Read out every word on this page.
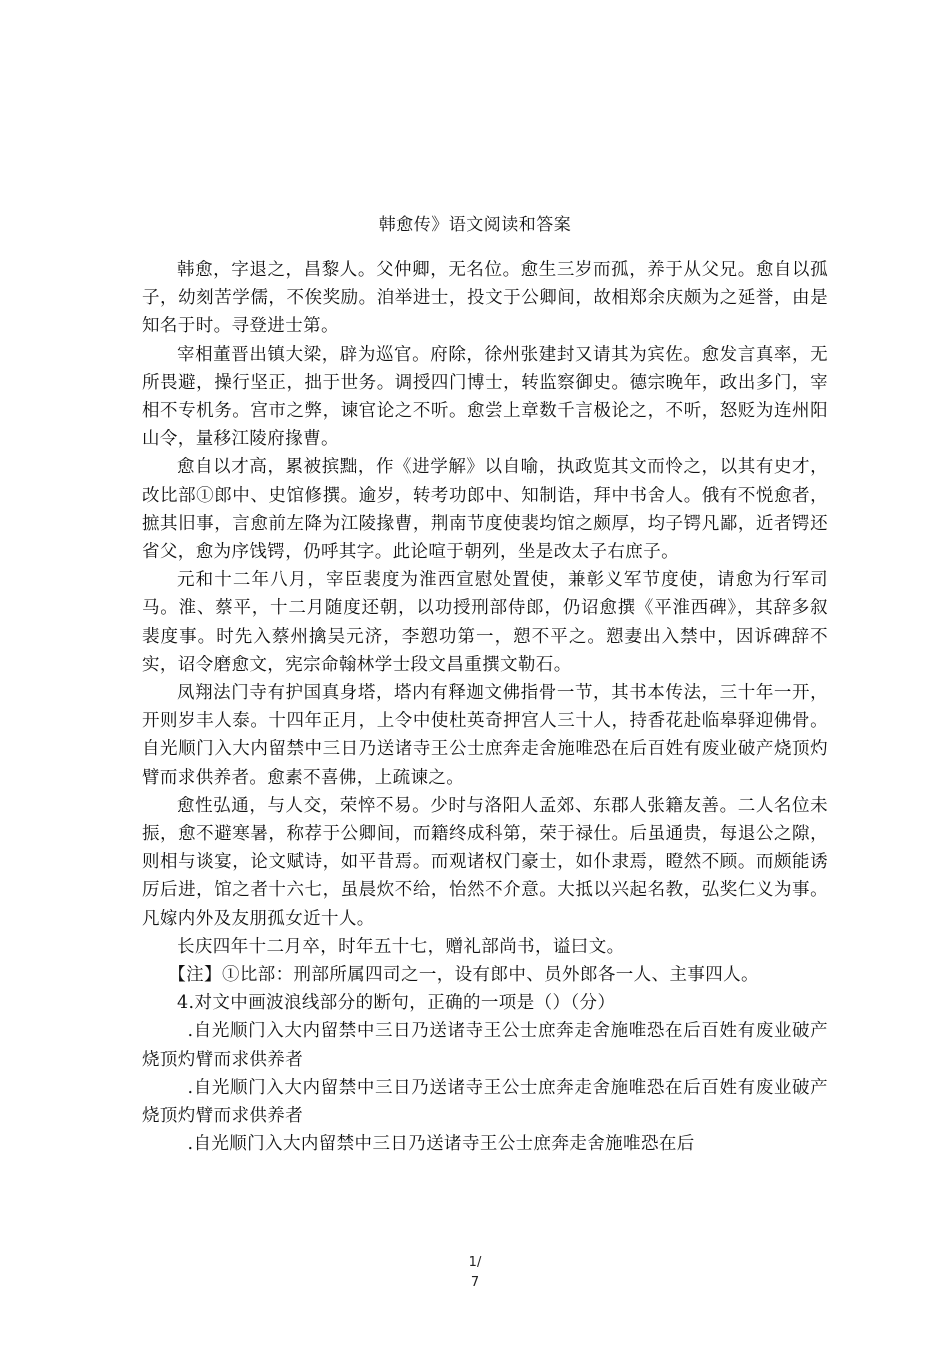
韩愈传》语文阅读和答案

韩愈，字退之，昌黎人。父仲卿，无名位。愈生三岁而孤，养于从父兄。愈自以孤子，幼刻苦学儒，不俟奖励。洎举进士，投文于公卿间，故相郑余庆颇为之延誉，由是知名于时。寻登进士第。

宰相董晋出镇大梁，辟为巡官。府除，徐州张建封又请其为宾佐。愈发言真率，无所畏避，操行坚正，拙于世务。调授四门博士，转监察御史。德宗晚年，政出多门，宰相不专机务。宫市之弊，谏官论之不听。愈尝上章数千言极论之，不听，怒贬为连州阳山令，量移江陵府掾曹。

愈自以才高，累被摈黜，作《进学解》以自喻，执政览其文而怜之，以其有史才，改比部①郎中、史馆修撰。逾岁，转考功郎中、知制诰，拜中书舍人。俄有不悦愈者，摭其旧事，言愈前左降为江陵掾曹，荆南节度使裴均馆之颇厚，均子锷凡鄙，近者锷还省父，愈为序饯锷，仍呼其字。此论喧于朝列，坐是改太子右庶子。

元和十二年八月，宰臣裴度为淮西宣慰处置使，兼彰义军节度使，请愈为行军司马。淮、蔡平，十二月随度还朝，以功授刑部侍郎，仍诏愈撰《平淮西碑》，其辞多叙裴度事。时先入蔡州擒吴元济，李愬功第一，愬不平之。愬妻出入禁中，因诉碑辞不实，诏令磨愈文，宪宗命翰林学士段文昌重撰文勒石。

凤翔法门寺有护国真身塔，塔内有释迦文佛指骨一节，其书本传法，三十年一开，开则岁丰人泰。十四年正月，上令中使杜英奇押宫人三十人，持香花赴临皋驿迎佛骨。自光顺门入大内留禁中三日乃送诸寺王公士庶奔走舍施唯恐在后百姓有废业破产烧顶灼臂而求供养者。愈素不喜佛，上疏谏之。

愈性弘通，与人交，荣悴不易。少时与洛阳人孟郊、东郡人张籍友善。二人名位未振，愈不避寒暑，称荐于公卿间，而籍终成科第，荣于禄仕。后虽通贵，每退公之隙，则相与谈宴，论文赋诗，如平昔焉。而观诸权门豪士，如仆隶焉，瞪然不顾。而颇能诱厉后进，馆之者十六七，虽晨炊不给，怡然不介意。大抵以兴起名教，弘奖仁义为事。凡嫁内外及友朋孤女近十人。

长庆四年十二月卒，时年五十七，赠礼部尚书，谥曰文。

【注】①比部：刑部所属四司之一，设有郎中、员外郎各一人、主事四人。

4.对文中画波浪线部分的断句，正确的一项是（）（分）

.自光顺门入大内留禁中三日乃送诸寺王公士庶奔走舍施唯恐在后百姓有废业破产烧顶灼臂而求供养者

.自光顺门入大内留禁中三日乃送诸寺王公士庶奔走舍施唯恐在后百姓有废业破产烧顶灼臂而求供养者

.自光顺门入大内留禁中三日乃送诸寺王公士庶奔走舍施唯恐在后

1/
7
